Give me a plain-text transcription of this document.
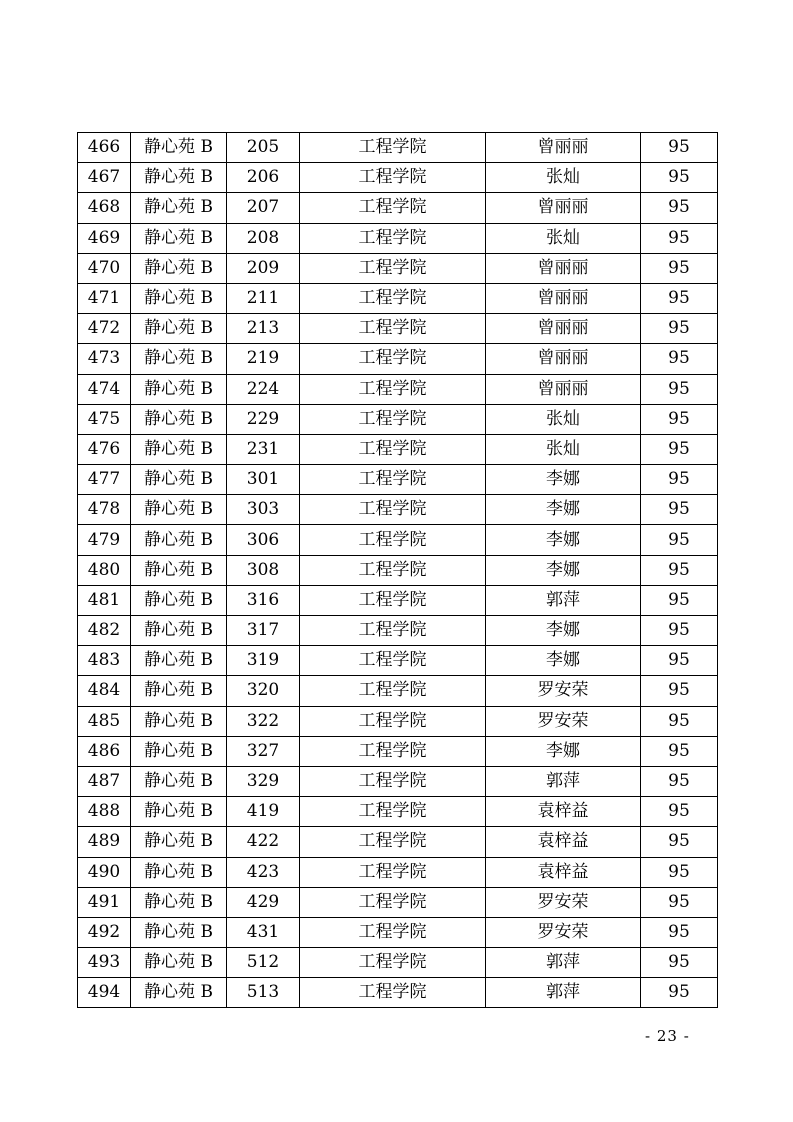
466	静心苑 B	205	工程学院	曾丽丽	95
467	静心苑 B	206	工程学院	张灿	95
468	静心苑 B	207	工程学院	曾丽丽	95
469	静心苑 B	208	工程学院	张灿	95
470	静心苑 B	209	工程学院	曾丽丽	95
471	静心苑 B	211	工程学院	曾丽丽	95
472	静心苑 B	213	工程学院	曾丽丽	95
473	静心苑 B	219	工程学院	曾丽丽	95
474	静心苑 B	224	工程学院	曾丽丽	95
475	静心苑 B	229	工程学院	张灿	95
476	静心苑 B	231	工程学院	张灿	95
477	静心苑 B	301	工程学院	李娜	95
478	静心苑 B	303	工程学院	李娜	95
479	静心苑 B	306	工程学院	李娜	95
480	静心苑 B	308	工程学院	李娜	95
481	静心苑 B	316	工程学院	郭萍	95
482	静心苑 B	317	工程学院	李娜	95
483	静心苑 B	319	工程学院	李娜	95
484	静心苑 B	320	工程学院	罗安荣	95
485	静心苑 B	322	工程学院	罗安荣	95
486	静心苑 B	327	工程学院	李娜	95
487	静心苑 B	329	工程学院	郭萍	95
488	静心苑 B	419	工程学院	袁梓益	95
489	静心苑 B	422	工程学院	袁梓益	95
490	静心苑 B	423	工程学院	袁梓益	95
491	静心苑 B	429	工程学院	罗安荣	95
492	静心苑 B	431	工程学院	罗安荣	95
493	静心苑 B	512	工程学院	郭萍	95
494	静心苑 B	513	工程学院	郭萍	95
- 23 -
